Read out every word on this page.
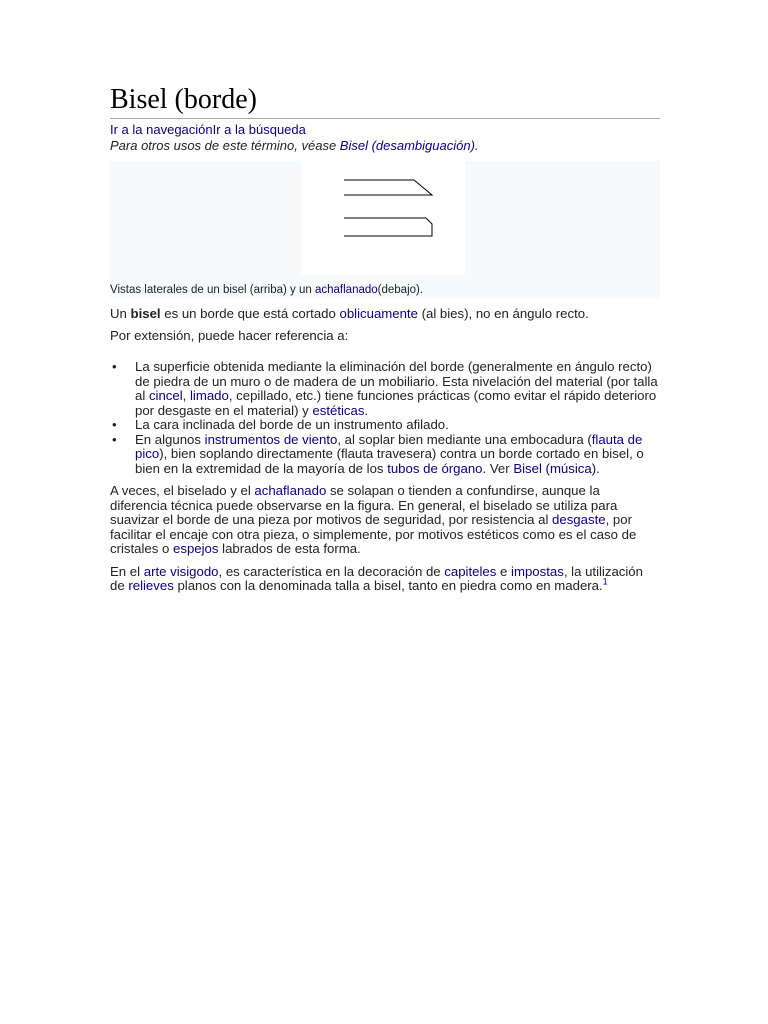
Bisel (borde)
Ir a la navegaciónIr a la búsqueda
Para otros usos de este término, véase Bisel (desambiguación).
Vistas laterales de un bisel (arriba) y un achaflanado(debajo).

Un bisel es un borde que está cortado oblicuamente (al bies), no en ángulo recto.

Por extensión, puede hacer referencia a:

• La superficie obtenida mediante la eliminación del borde (generalmente en ángulo recto) de piedra de un muro o de madera de un mobiliario. Esta nivelación del material (por talla al cincel, limado, cepillado, etc.) tiene funciones prácticas (como evitar el rápido deterioro por desgaste en el material) y estéticas.
• La cara inclinada del borde de un instrumento afilado.
• En algunos instrumentos de viento, al soplar bien mediante una embocadura (flauta de pico), bien soplando directamente (flauta travesera) contra un borde cortado en bisel, o bien en la extremidad de la mayoría de los tubos de órgano. Ver Bisel (música).

A veces, el biselado y el achaflanado se solapan o tienden a confundirse, aunque la diferencia técnica puede observarse en la figura. En general, el biselado se utiliza para suavizar el borde de una pieza por motivos de seguridad, por resistencia al desgaste, por facilitar el encaje con otra pieza, o simplemente, por motivos estéticos como es el caso de cristales o espejos labrados de esta forma.

En el arte visigodo, es característica en la decoración de capiteles e impostas, la utilización de relieves planos con la denominada talla a bisel, tanto en piedra como en madera.$^1$
